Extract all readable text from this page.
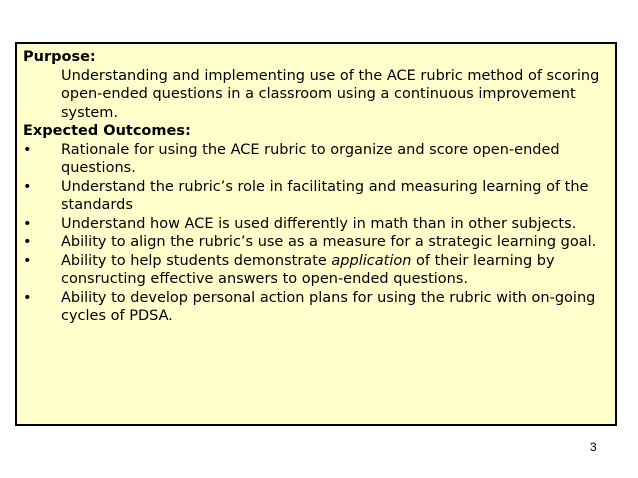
Purpose:
Understanding and implementing use of the ACE rubric method of scoring open-ended questions in a classroom using a continuous improvement system.
Expected Outcomes:
•	Rationale for using the ACE rubric to organize and score open-ended questions.
•	Understand the rubric’s role in facilitating and measuring learning of the standards
•	Understand how ACE is used differently in math than in other subjects.
•	Ability to align the rubric’s use as a measure for a strategic learning goal.
•	Ability to help students demonstrate application of their learning by consructing effective answers to open-ended questions.
•	Ability to develop personal action plans for using the rubric with on-going cycles of PDSA.
3
